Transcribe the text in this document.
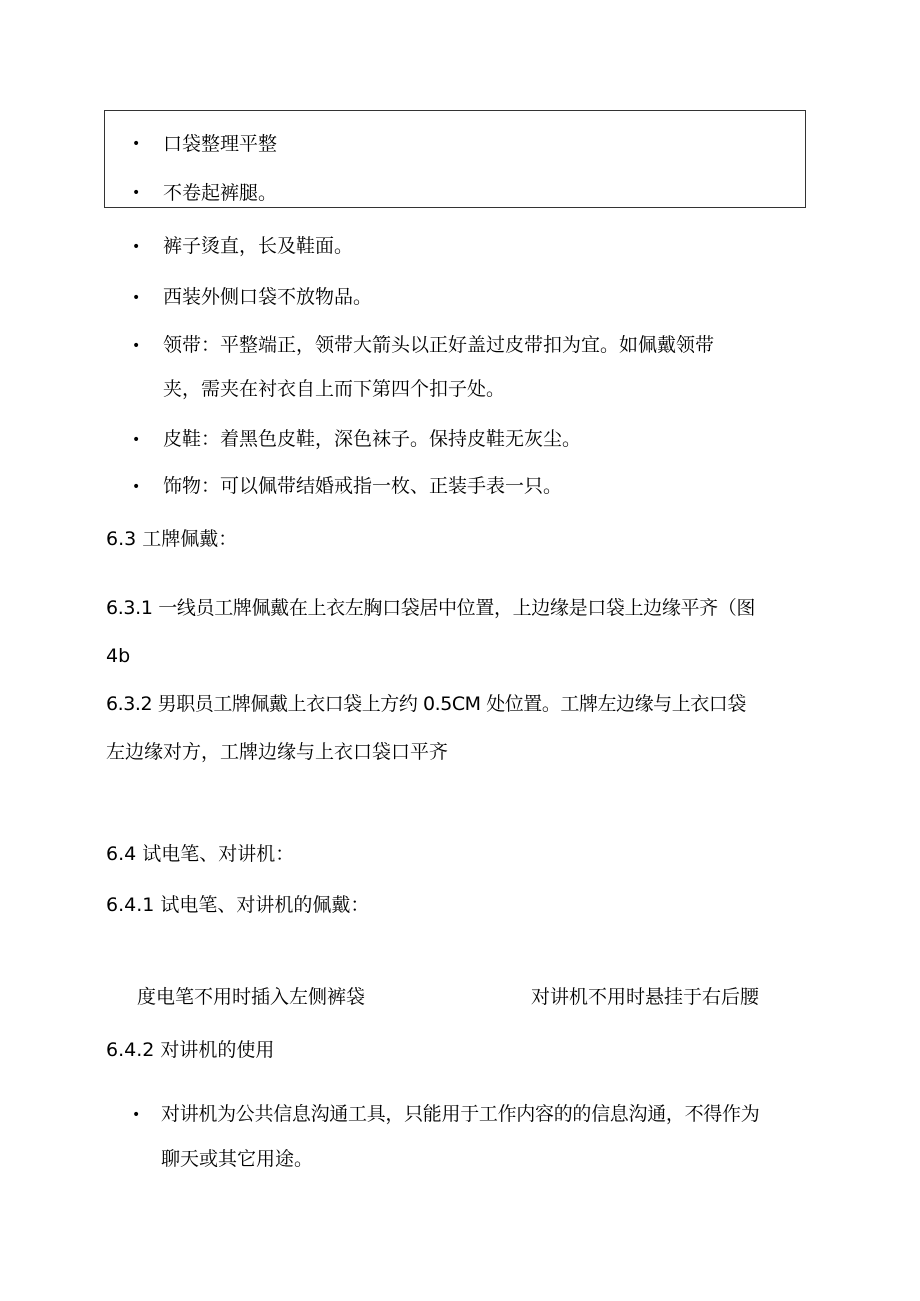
• 口袋整理平整
• 不卷起裤腿。
• 裤子烫直，长及鞋面。
• 西装外侧口袋不放物品。
• 领带：平整端正，领带大箭头以正好盖过皮带扣为宜。如佩戴领带
夹，需夹在衬衣自上而下第四个扣子处。
• 皮鞋：着黑色皮鞋，深色袜子。保持皮鞋无灰尘。
• 饰物：可以佩带结婚戒指一枚、正装手表一只。
6.3 工牌佩戴：
6.3.1 一线员工牌佩戴在上衣左胸口袋居中位置，上边缘是口袋上边缘平齐（图
4b
6.3.2 男职员工牌佩戴上衣口袋上方约 0.5CM 处位置。工牌左边缘与上衣口袋
左边缘对方，工牌边缘与上衣口袋口平齐
6.4 试电笔、对讲机：
6.4.1 试电笔、对讲机的佩戴：
度电笔不用时插入左侧裤袋	对讲机不用时悬挂于右后腰
6.4.2 对讲机的使用
• 对讲机为公共信息沟通工具，只能用于工作内容的的信息沟通，不得作为
聊天或其它用途。
